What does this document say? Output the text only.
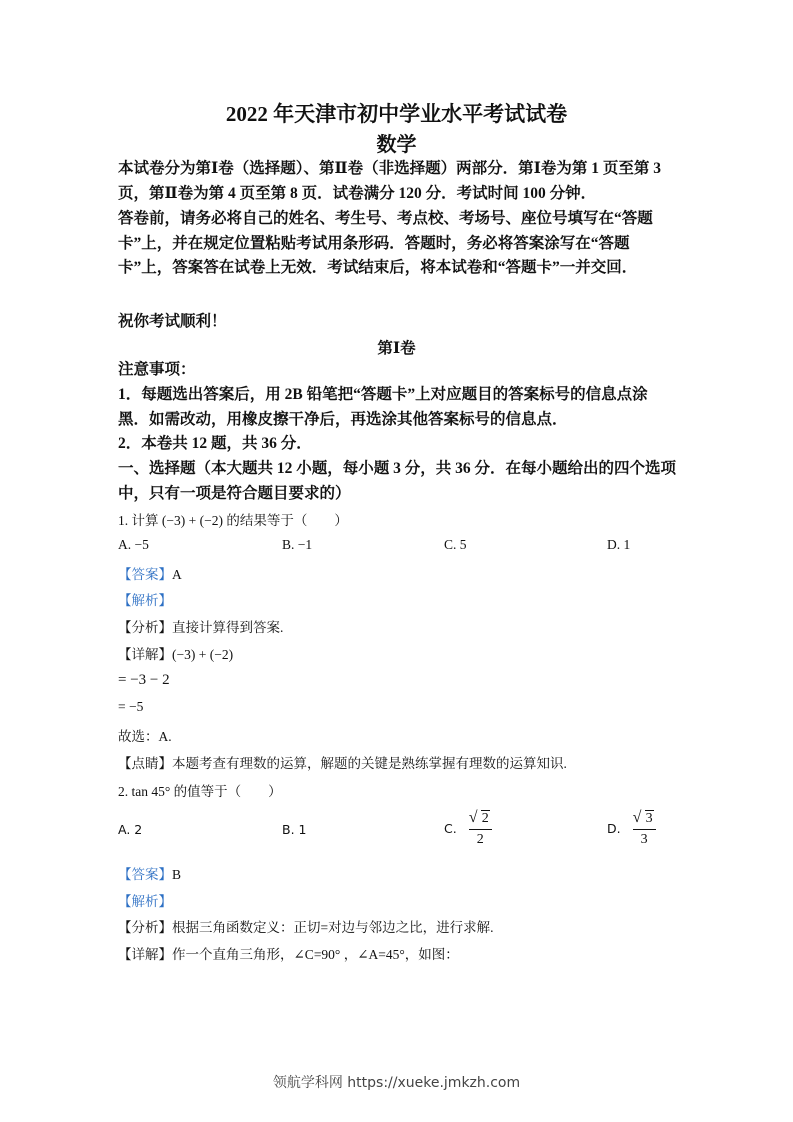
2022 年天津市初中学业水平考试试卷
数学
本试卷分为第Ⅰ卷（选择题）、第Ⅱ卷（非选择题）两部分．第Ⅰ卷为第 1 页至第 3 页，第Ⅱ卷为第 4 页至第 8 页．试卷满分 120 分．考试时间 100 分钟．
答卷前，请务必将自己的姓名、考生号、考点校、考场号、座位号填写在“答题卡”上，并在规定位置粘贴考试用条形码．答题时，务必将答案涂写在“答题卡”上，答案答在试卷上无效．考试结束后，将本试卷和“答题卡”一并交回．
祝你考试顺利！
第Ⅰ卷
注意事项：
1．每题选出答案后，用 2B 铅笔把“答题卡”上对应题目的答案标号的信息点涂黑．如需改动，用橡皮擦干净后，再选涂其他答案标号的信息点．
2．本卷共 12 题，共 36 分．
一、选择题（本大题共 12 小题，每小题 3 分，共 36 分．在每小题给出的四个选项中，只有一项是符合题目要求的）
1. 计算 (−3) + (−2) 的结果等于（　　）
A. −5	B. −1	C. 5	D. 1
【答案】A
【解析】
【分析】直接计算得到答案.
【详解】(−3) + (−2)
= −3 − 2
= −5
故选：A.
【点睛】本题考查有理数的运算，解题的关键是熟练掌握有理数的运算知识.
2. tan 45° 的值等于（　　）
A. 2	B. 1	C. √ $\frac{2}{2}$	D. √ $\frac{3}{3}$
【答案】B
【解析】
【分析】根据三角函数定义：正切=对边与邻边之比，进行求解.
【详解】作一个直角三角形，∠C=90° ，∠A=45°，如图：
领航学科网 https://xueke.jmkzh.com
